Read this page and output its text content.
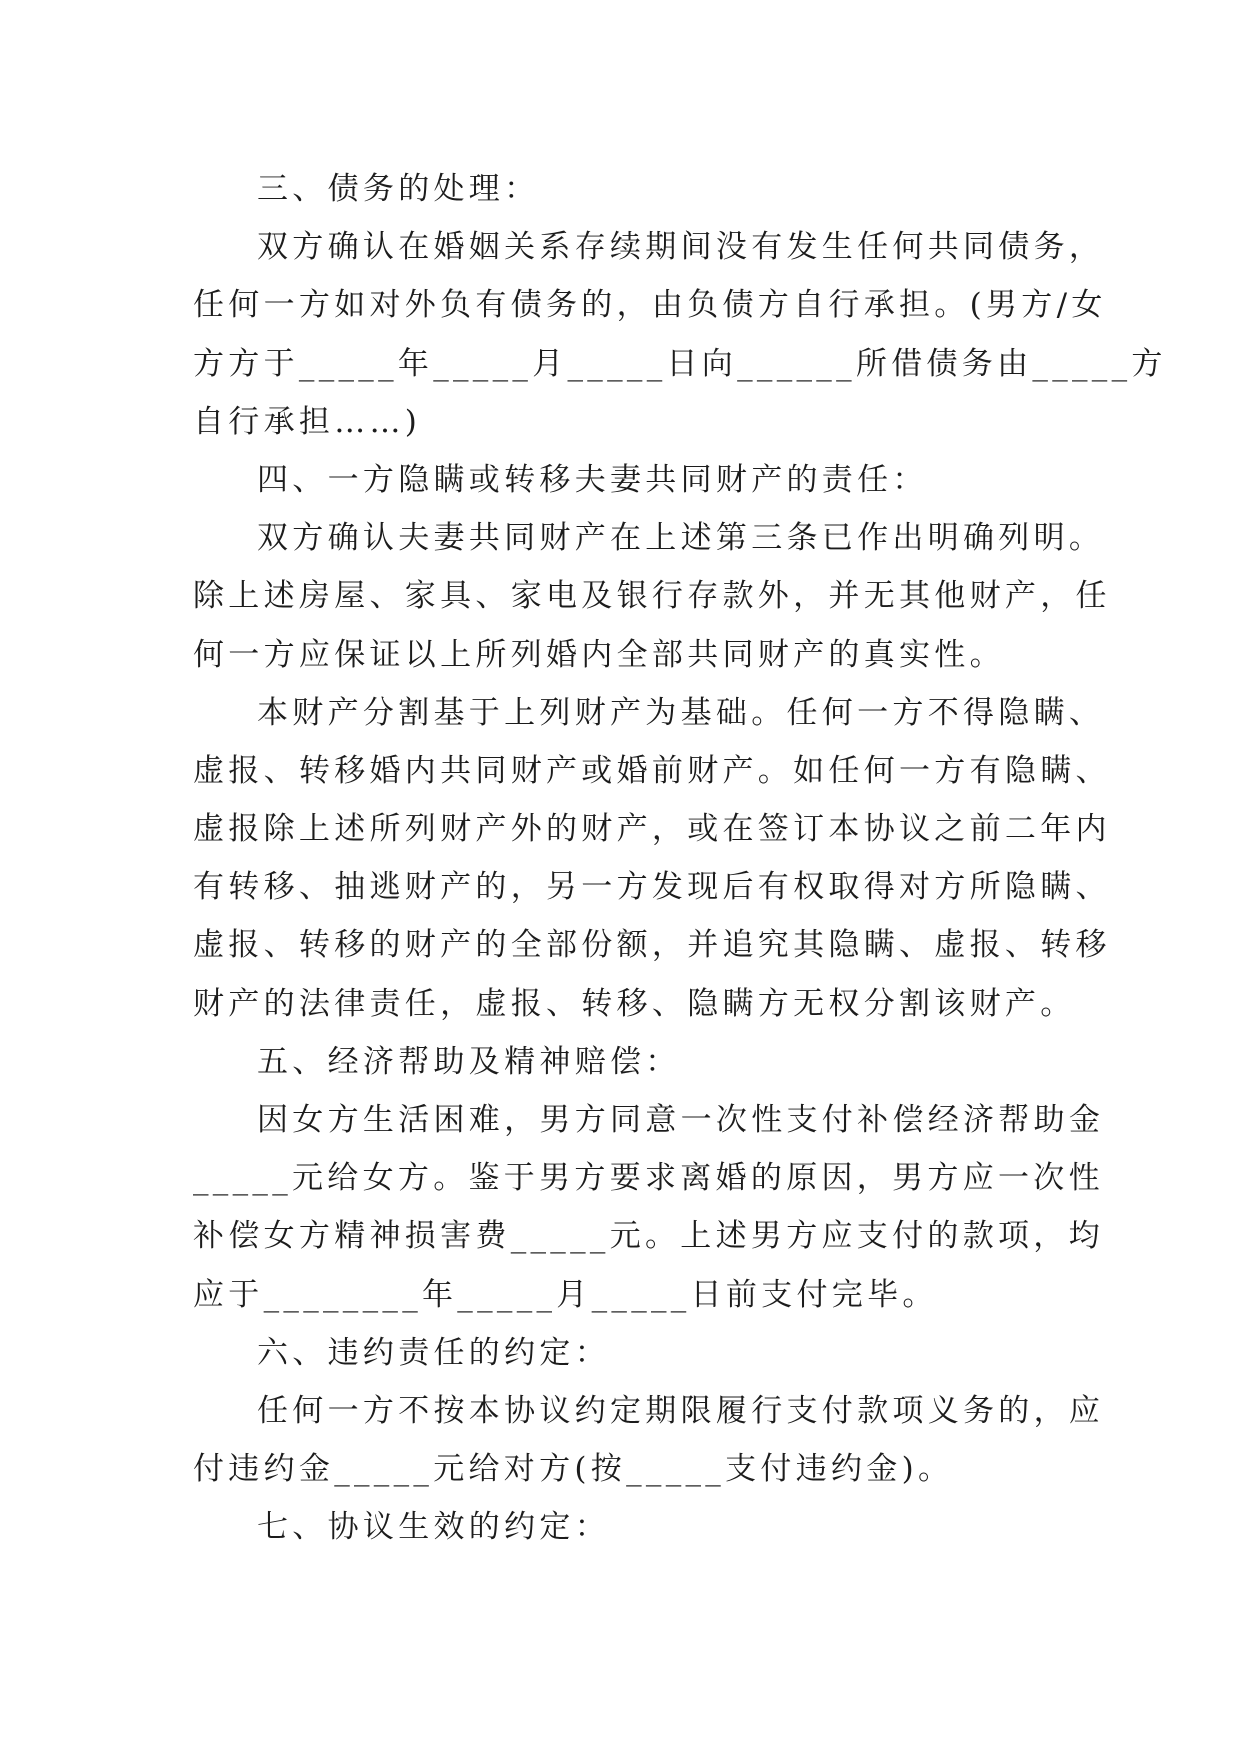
三、债务的处理：
双方确认在婚姻关系存续期间没有发生任何共同债务，
任何一方如对外负有债务的，由负债方自行承担。(男方/女
方方于_____年_____月_____日向______所借债务由_____方
自行承担……)
四、一方隐瞒或转移夫妻共同财产的责任：
双方确认夫妻共同财产在上述第三条已作出明确列明。
除上述房屋、家具、家电及银行存款外，并无其他财产，任
何一方应保证以上所列婚内全部共同财产的真实性。
本财产分割基于上列财产为基础。任何一方不得隐瞒、
虚报、转移婚内共同财产或婚前财产。如任何一方有隐瞒、
虚报除上述所列财产外的财产，或在签订本协议之前二年内
有转移、抽逃财产的，另一方发现后有权取得对方所隐瞒、
虚报、转移的财产的全部份额，并追究其隐瞒、虚报、转移
财产的法律责任，虚报、转移、隐瞒方无权分割该财产。
五、经济帮助及精神赔偿：
因女方生活困难，男方同意一次性支付补偿经济帮助金
_____元给女方。鉴于男方要求离婚的原因，男方应一次性
补偿女方精神损害费_____元。上述男方应支付的款项，均
应于________年_____月_____日前支付完毕。
六、违约责任的约定：
任何一方不按本协议约定期限履行支付款项义务的，应
付违约金_____元给对方(按_____支付违约金)。
七、协议生效的约定：
